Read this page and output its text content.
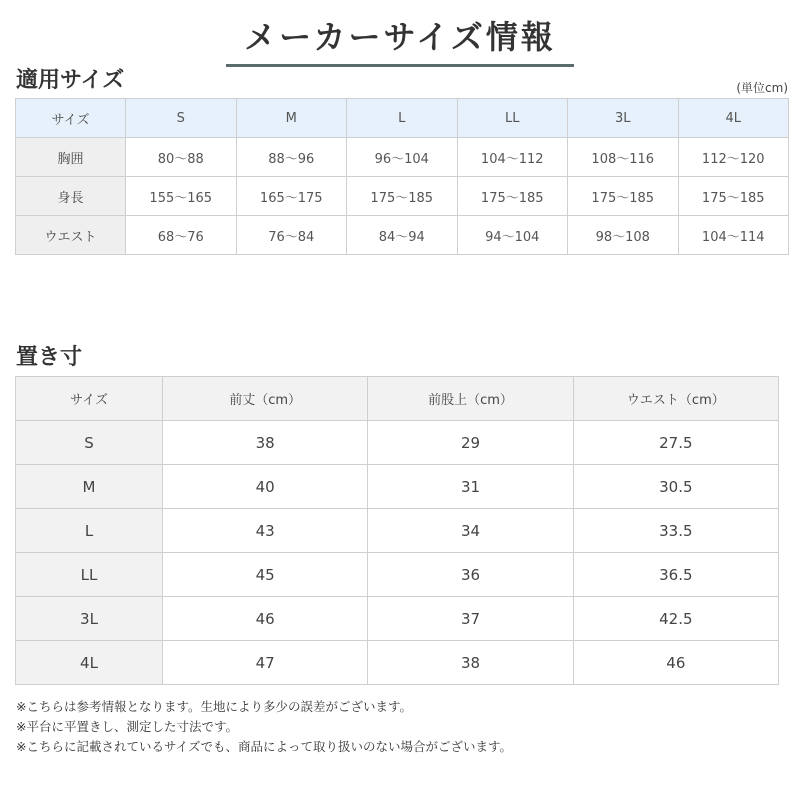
メーカーサイズ情報
適用サイズ	(単位cm)
サイズ	S	M	L	LL	3L	4L
胸囲	80〜88	88〜96	96〜104	104〜112	108〜116	112〜120
身長	155〜165	165〜175	175〜185	175〜185	175〜185	175〜185
ウエスト	68〜76	76〜84	84〜94	94〜104	98〜108	104〜114
置き寸
サイズ	前丈（cm）	前股上（cm）	ウエスト（cm）
S	38	29	27.5
M	40	31	30.5
L	43	34	33.5
LL	45	36	36.5
3L	46	37	42.5
4L	47	38	46
※こちらは参考情報となります。生地により多少の誤差がございます。
※平台に平置きし、測定した寸法です。
※こちらに記載されているサイズでも、商品によって取り扱いのない場合がございます。
